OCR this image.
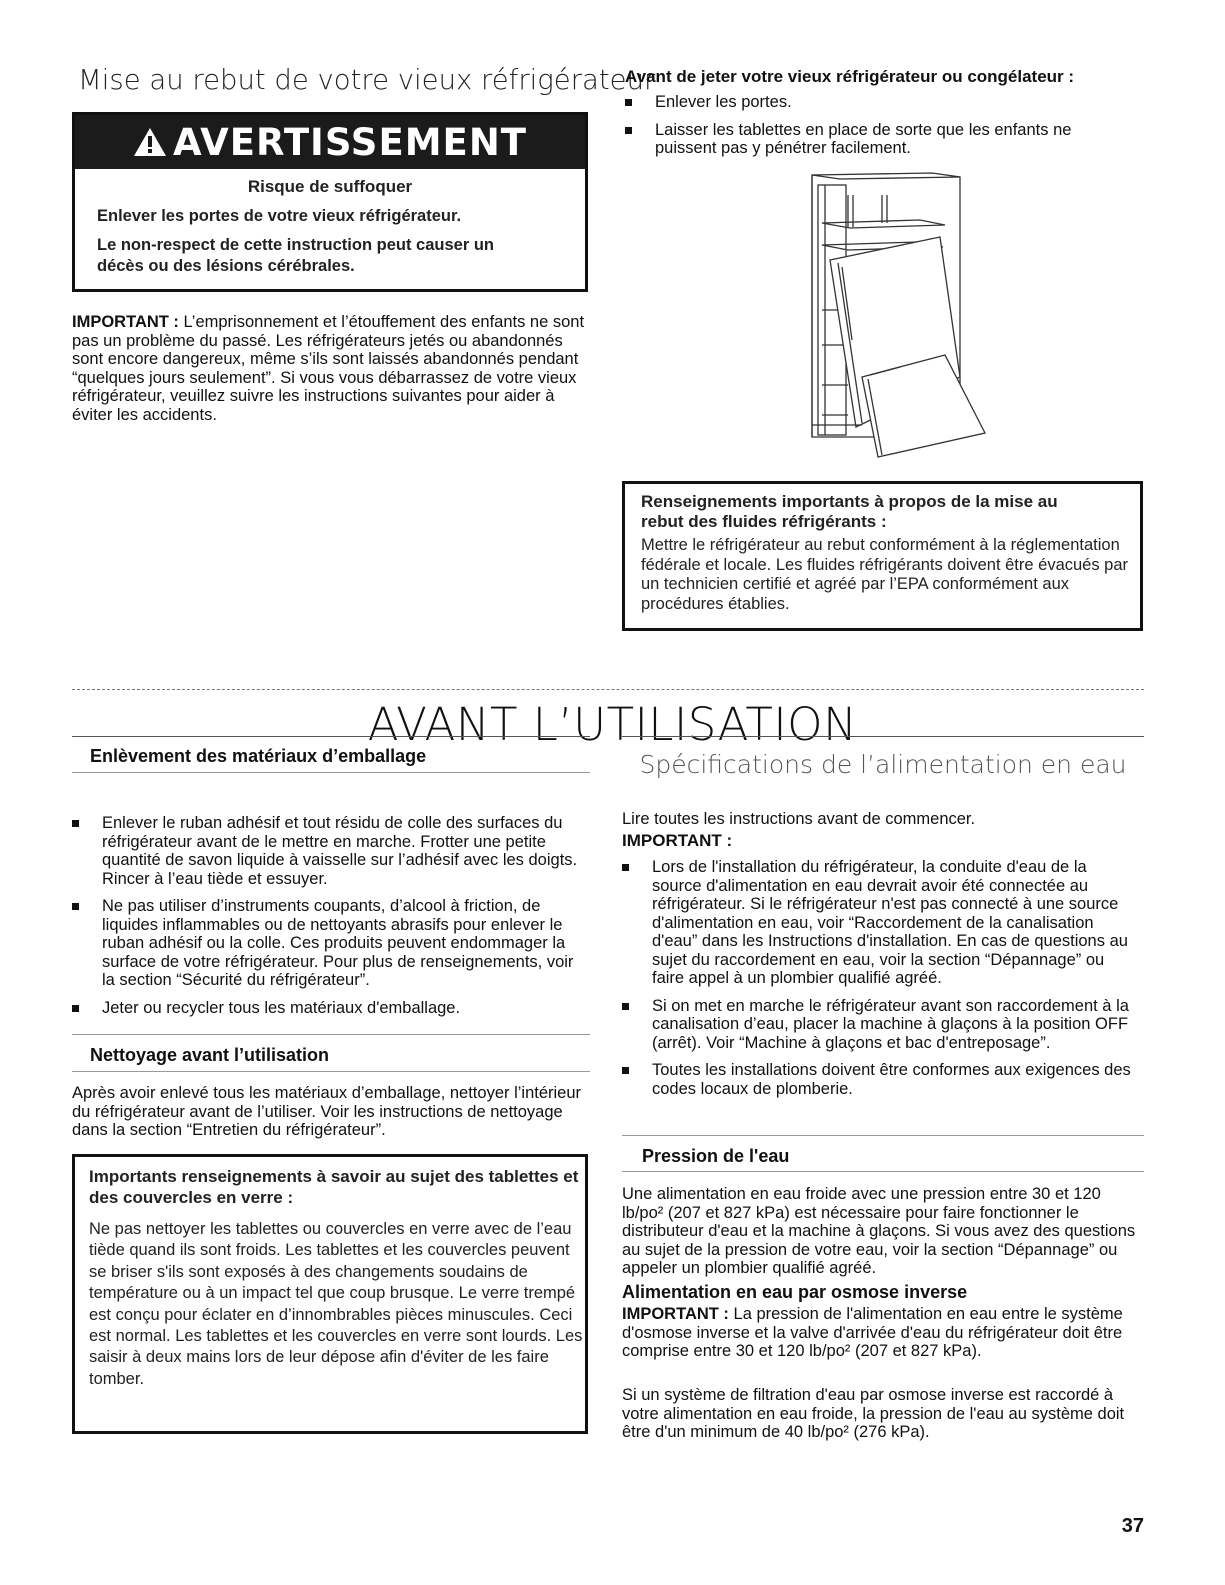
Mise au rebut de votre vieux réfrigérateur
AVERTISSEMENT
Risque de suffoquer
Enlever les portes de votre vieux réfrigérateur.
Le non-respect de cette instruction peut causer un décès ou des lésions cérébrales.

IMPORTANT : L’emprisonnement et l’étouffement des enfants ne sont pas un problème du passé. Les réfrigérateurs jetés ou abandonnés sont encore dangereux, même s’ils sont laissés abandonnés pendant “quelques jours seulement”. Si vous vous débarrassez de votre vieux réfrigérateur, veuillez suivre les instructions suivantes pour aider à éviter les accidents.

Avant de jeter votre vieux réfrigérateur ou congélateur :
Enlever les portes.
Laisser les tablettes en place de sorte que les enfants ne puissent pas y pénétrer facilement.
Renseignements importants à propos de la mise au rebut des fluides réfrigérants :
Mettre le réfrigérateur au rebut conformément à la réglementation fédérale et locale. Les fluides réfrigérants doivent être évacués par un technicien certifié et agréé par l’EPA conformément aux procédures établies.
AVANT L’UTILISATION
Enlèvement des matériaux d’emballage
Enlever le ruban adhésif et tout résidu de colle des surfaces du réfrigérateur avant de le mettre en marche. Frotter une petite quantité de savon liquide à vaisselle sur l’adhésif avec les doigts. Rincer à l’eau tiède et essuyer.
Ne pas utiliser d’instruments coupants, d’alcool à friction, de liquides inflammables ou de nettoyants abrasifs pour enlever le ruban adhésif ou la colle. Ces produits peuvent endommager la surface de votre réfrigérateur. Pour plus de renseignements, voir la section “Sécurité du réfrigérateur”.
Jeter ou recycler tous les matériaux d'emballage.
Nettoyage avant l’utilisation

Après avoir enlevé tous les matériaux d’emballage, nettoyer l’intérieur du réfrigérateur avant de l’utiliser. Voir les instructions de nettoyage dans la section “Entretien du réfrigérateur”.

Importants renseignements à savoir au sujet des tablettes et des couvercles en verre :
Ne pas nettoyer les tablettes ou couvercles en verre avec de l’eau tiède quand ils sont froids. Les tablettes et les couvercles peuvent se briser s'ils sont exposés à des changements soudains de température ou à un impact tel que coup brusque. Le verre trempé est conçu pour éclater en d’innombrables pièces minuscules. Ceci est normal. Les tablettes et les couvercles en verre sont lourds. Les saisir à deux mains lors de leur dépose afin d'éviter de les faire tomber.
Spécifications de l’alimentation en eau

Lire toutes les instructions avant de commencer.

IMPORTANT :

Lors de l'installation du réfrigérateur, la conduite d'eau de la source d'alimentation en eau devrait avoir été connectée au réfrigérateur. Si le réfrigérateur n'est pas connecté à une source d'alimentation en eau, voir “Raccordement de la canalisation d'eau” dans les Instructions d'installation. En cas de questions au sujet du raccordement en eau, voir la section “Dépannage” ou faire appel à un plombier qualifié agréé.
Si on met en marche le réfrigérateur avant son raccordement à la canalisation d’eau, placer la machine à glaçons à la position OFF (arrêt). Voir “Machine à glaçons et bac d'entreposage”.
Toutes les installations doivent être conformes aux exigences des codes locaux de plomberie.
Pression de l'eau

Une alimentation en eau froide avec une pression entre 30 et 120 lb/po² (207 et 827 kPa) est nécessaire pour faire fonctionner le distributeur d'eau et la machine à glaçons. Si vous avez des questions au sujet de la pression de votre eau, voir la section “Dépannage” ou appeler un plombier qualifié agréé.

Alimentation en eau par osmose inverse

IMPORTANT : La pression de l'alimentation en eau entre le système d'osmose inverse et la valve d'arrivée d'eau du réfrigérateur doit être comprise entre 30 et 120 lb/po² (207 et 827 kPa).

Si un système de filtration d'eau par osmose inverse est raccordé à votre alimentation en eau froide, la pression de l'eau au système doit être d'un minimum de 40 lb/po² (276 kPa).

37
